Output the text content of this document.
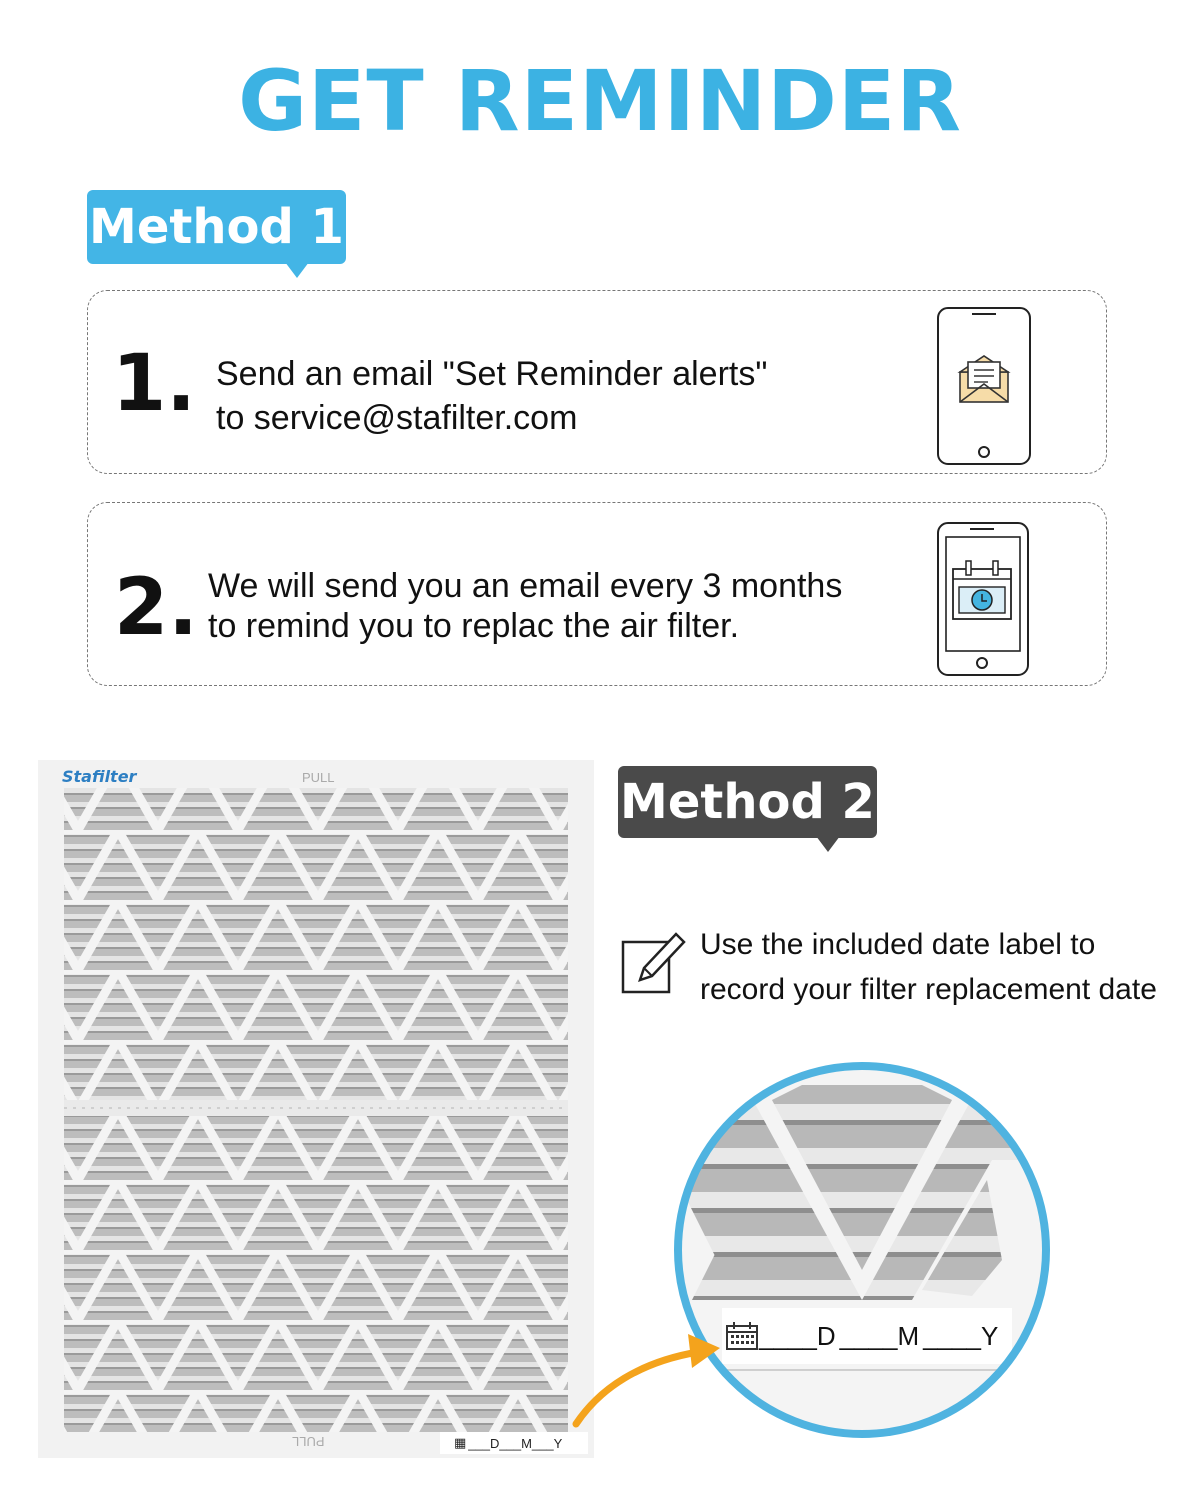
GET REMINDER
Method 1
1. Send an email "Set Reminder alerts"
to service@stafilter.com
2. We will send you an email every 3 months
to remind you to replac the air filter.
Stafilter	PULL
PULL	▦ ___D___M___Y
Method 2
Use the included date label to
record your filter replacement date
____D ____M ____Y
